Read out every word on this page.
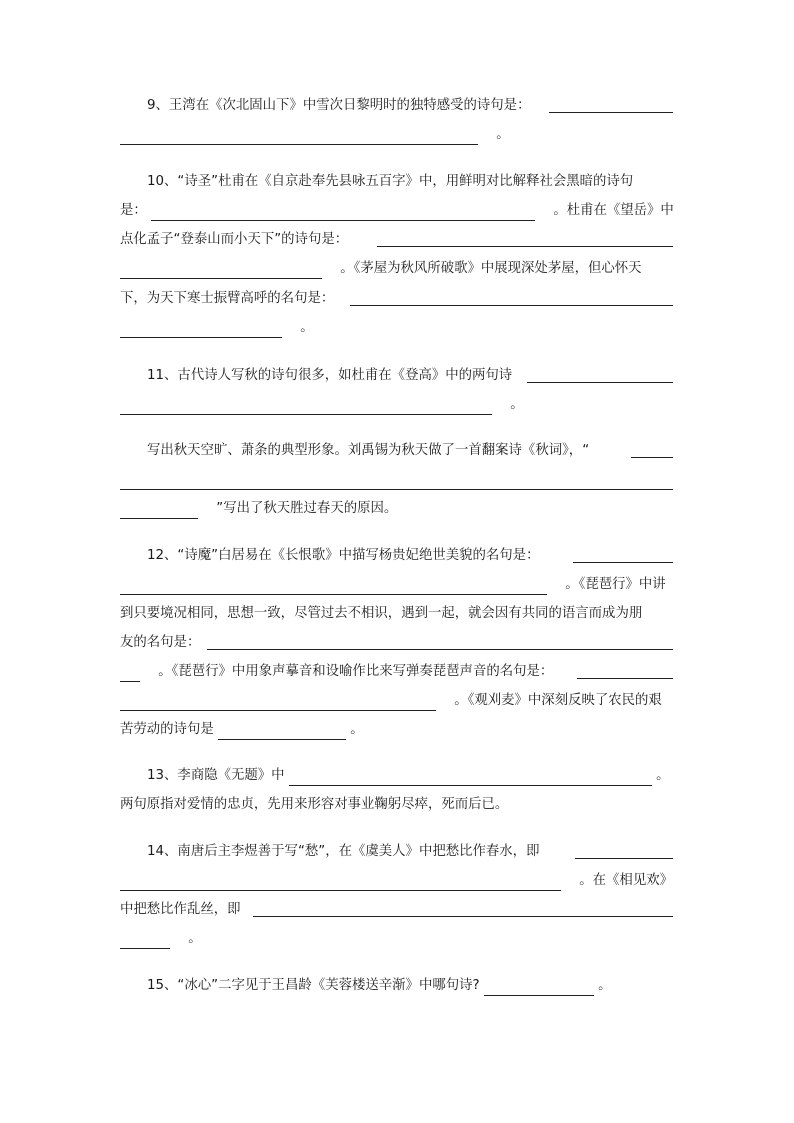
9、王湾在《次北固山下》中雪次日黎明时的独特感受的诗句是：
。
10、“诗圣”杜甫在《自京赴奉先县咏五百字》中，用鲜明对比解释社会黑暗的诗句
是：	。杜甫在《望岳》中
点化孟子“登泰山而小天下”的诗句是：
。《茅屋为秋风所破歌》中展现深处茅屋，但心怀天
下，为天下寒士振臂高呼的名句是：
。
11、古代诗人写秋的诗句很多，如杜甫在《登高》中的两句诗
。
写出秋天空旷、萧条的典型形象。刘禹锡为秋天做了一首翻案诗《秋词》，“
”写出了秋天胜过春天的原因。
12、“诗魔”白居易在《长恨歌》中描写杨贵妃绝世美貌的名句是：
。《琵琶行》中讲
到只要境况相同，思想一致，尽管过去不相识，遇到一起，就会因有共同的语言而成为朋
友的名句是：
。《琵琶行》中用象声摹音和设喻作比来写弹奏琵琶声音的名句是：
。《观刈麦》中深刻反映了农民的艰
苦劳动的诗句是	。
13、李商隐《无题》中	。
两句原指对爱情的忠贞，先用来形容对事业鞠躬尽瘁，死而后已。
14、南唐后主李煜善于写“愁”，在《虞美人》中把愁比作春水，即
。在《相见欢》
中把愁比作乱丝，即
。
15、“冰心”二字见于王昌龄《芙蓉楼送辛渐》中哪句诗?	。
